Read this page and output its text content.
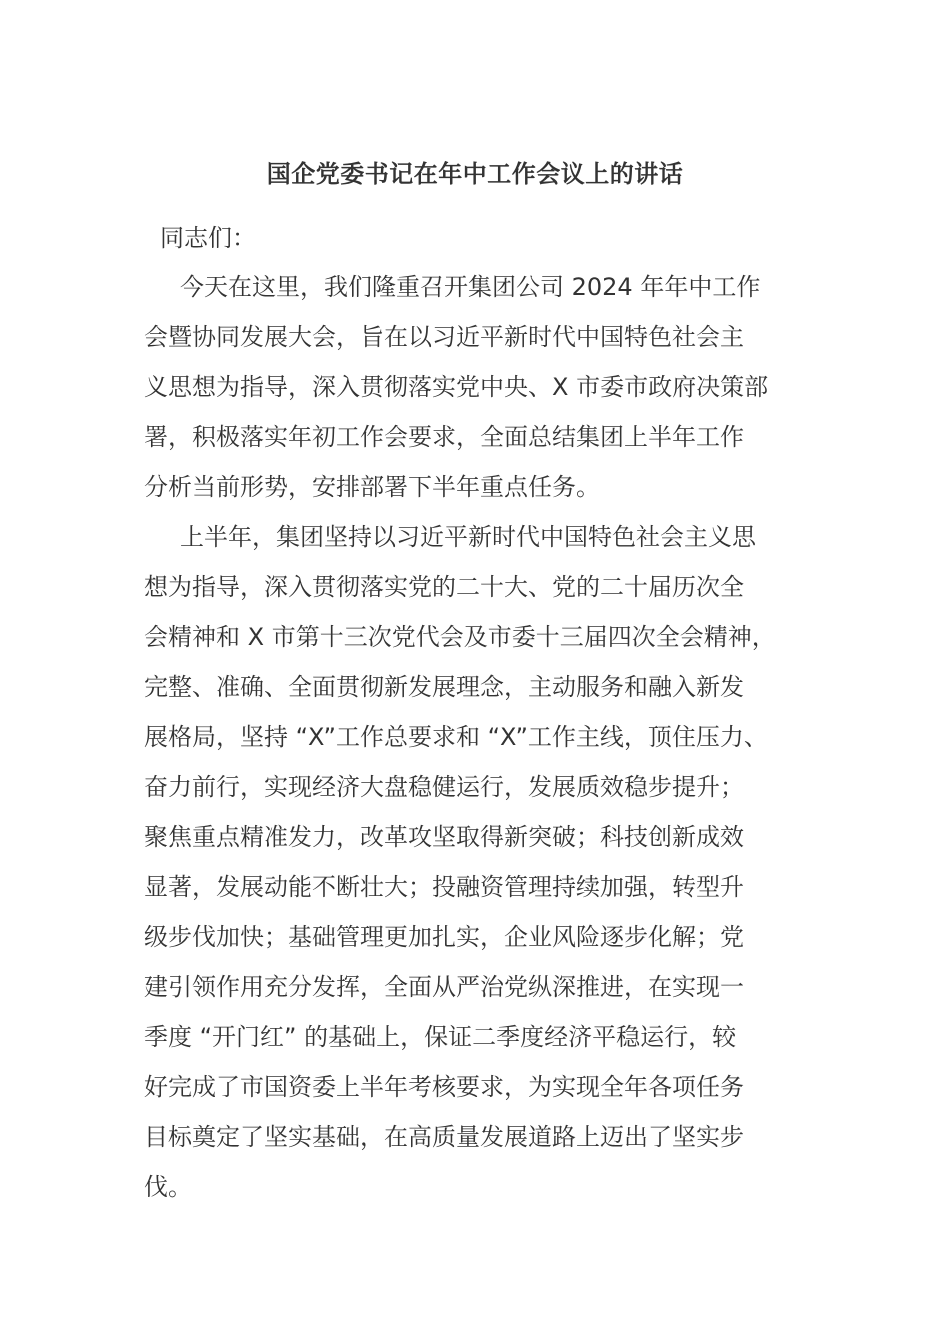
国企党委书记在年中工作会议上的讲话
同志们：
今天在这里，我们隆重召开集团公司 2024 年年中工作
会暨协同发展大会，旨在以习近平新时代中国特色社会主
义思想为指导，深入贯彻落实党中央、X 市委市政府决策部
署，积极落实年初工作会要求，全面总结集团上半年工作
分析当前形势，安排部署下半年重点任务。
上半年，集团坚持以习近平新时代中国特色社会主义思
想为指导，深入贯彻落实党的二十大、党的二十届历次全
会精神和 X 市第十三次党代会及市委十三届四次全会精神，
完整、准确、全面贯彻新发展理念，主动服务和融入新发
展格局，坚持 “X”工作总要求和 “X”工作主线，顶住压力、
奋力前行，实现经济大盘稳健运行，发展质效稳步提升；
聚焦重点精准发力，改革攻坚取得新突破；科技创新成效
显著，发展动能不断壮大；投融资管理持续加强，转型升
级步伐加快；基础管理更加扎实，企业风险逐步化解；党
建引领作用充分发挥，全面从严治党纵深推进，在实现一
季度 “开门红” 的基础上，保证二季度经济平稳运行，较
好完成了市国资委上半年考核要求，为实现全年各项任务
目标奠定了坚实基础，在高质量发展道路上迈出了坚实步
伐。
